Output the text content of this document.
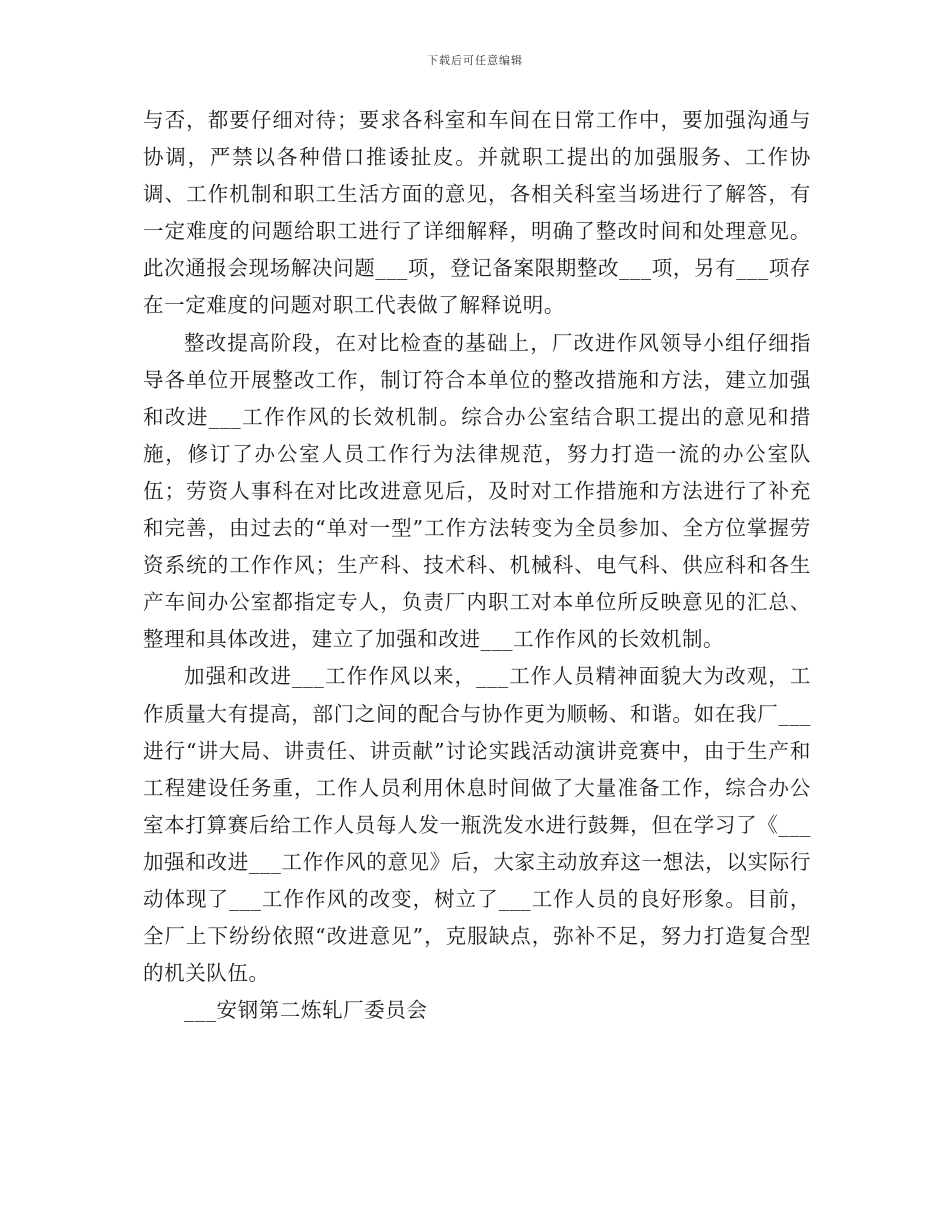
下载后可任意编辑

与否，都要仔细对待；要求各科室和车间在日常工作中，要加强沟通与协调，严禁以各种借口推诿扯皮。并就职工提出的加强服务、工作协调、工作机制和职工生活方面的意见，各相关科室当场进行了解答，有一定难度的问题给职工进行了详细解释，明确了整改时间和处理意见。此次通报会现场解决问题___项，登记备案限期整改___项，另有___项存在一定难度的问题对职工代表做了解释说明。

整改提高阶段，在对比检查的基础上，厂改进作风领导小组仔细指导各单位开展整改工作，制订符合本单位的整改措施和方法，建立加强和改进___工作作风的长效机制。综合办公室结合职工提出的意见和措施，修订了办公室人员工作行为法律规范，努力打造一流的办公室队伍；劳资人事科在对比改进意见后，及时对工作措施和方法进行了补充和完善，由过去的“单对一型”工作方法转变为全员参加、全方位掌握劳资系统的工作作风；生产科、技术科、机械科、电气科、供应科和各生产车间办公室都指定专人，负责厂内职工对本单位所反映意见的汇总、整理和具体改进，建立了加强和改进___工作作风的长效机制。

加强和改进___工作作风以来，___工作人员精神面貌大为改观，工作质量大有提高，部门之间的配合与协作更为顺畅、和谐。如在我厂___进行“讲大局、讲责任、讲贡献”讨论实践活动演讲竞赛中，由于生产和工程建设任务重，工作人员利用休息时间做了大量准备工作，综合办公室本打算赛后给工作人员每人发一瓶洗发水进行鼓舞，但在学习了《___加强和改进___工作作风的意见》后，大家主动放弃这一想法，以实际行动体现了___工作作风的改变，树立了___工作人员的良好形象。目前，全厂上下纷纷依照“改进意见”，克服缺点，弥补不足，努力打造复合型的机关队伍。

___安钢第二炼轧厂委员会
